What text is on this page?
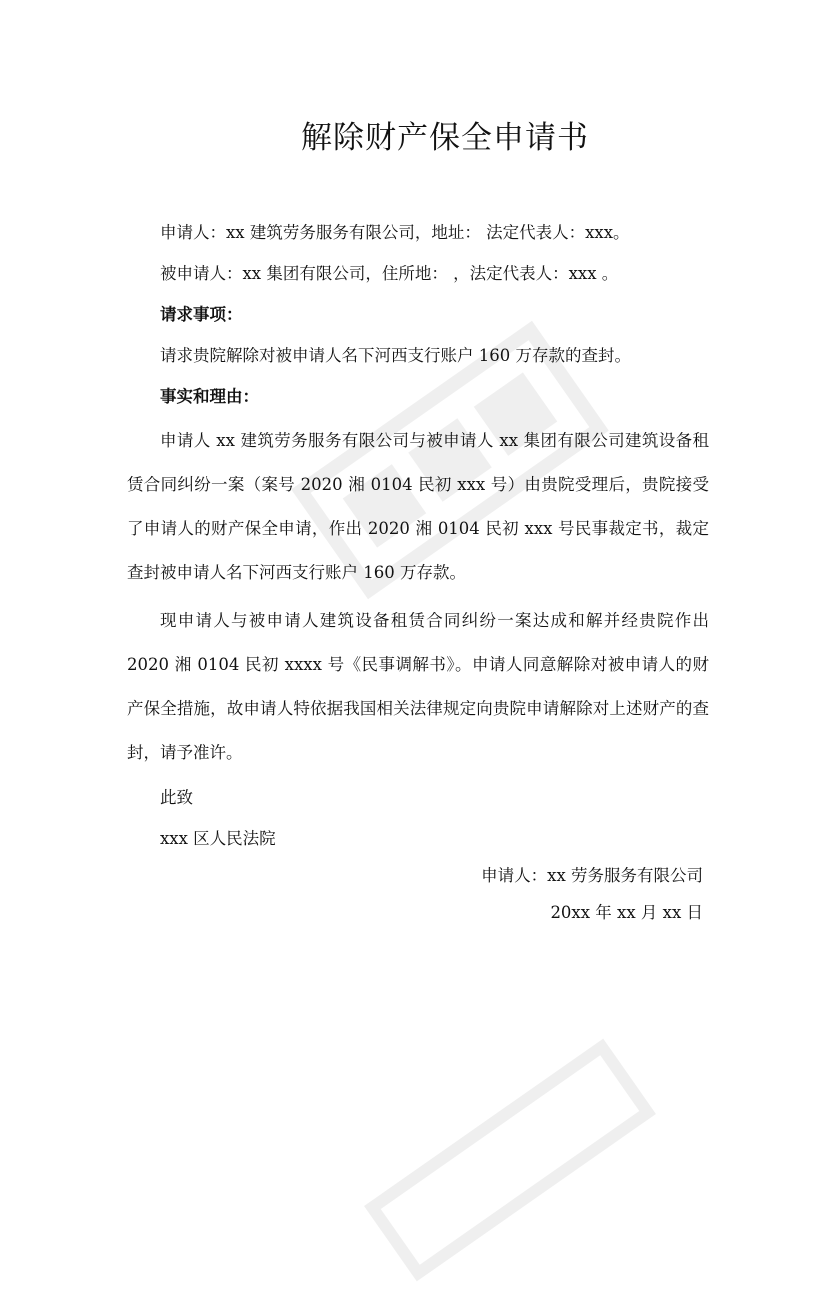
解除财产保全申请书

申请人：xx 建筑劳务服务有限公司，地址： 法定代表人：xxx。

被申请人：xx 集团有限公司，住所地： ，法定代表人：xxx 。

请求事项：

请求贵院解除对被申请人名下河西支行账户 160 万存款的查封。

事实和理由：

申请人 xx 建筑劳务服务有限公司与被申请人 xx 集团有限公司建筑设备租赁合同纠纷一案（案号 2020 湘 0104 民初 xxx 号）由贵院受理后，贵院接受了申请人的财产保全申请，作出 2020 湘 0104 民初 xxx 号民事裁定书，裁定查封被申请人名下河西支行账户 160 万存款。

现申请人与被申请人建筑设备租赁合同纠纷一案达成和解并经贵院作出 2020 湘 0104 民初 xxxx 号《民事调解书》。申请人同意解除对被申请人的财产保全措施，故申请人特依据我国相关法律规定向贵院申请解除对上述财产的查封，请予准许。

此致

xxx 区人民法院

申请人：xx 劳务服务有限公司

20xx 年 xx 月 xx 日
